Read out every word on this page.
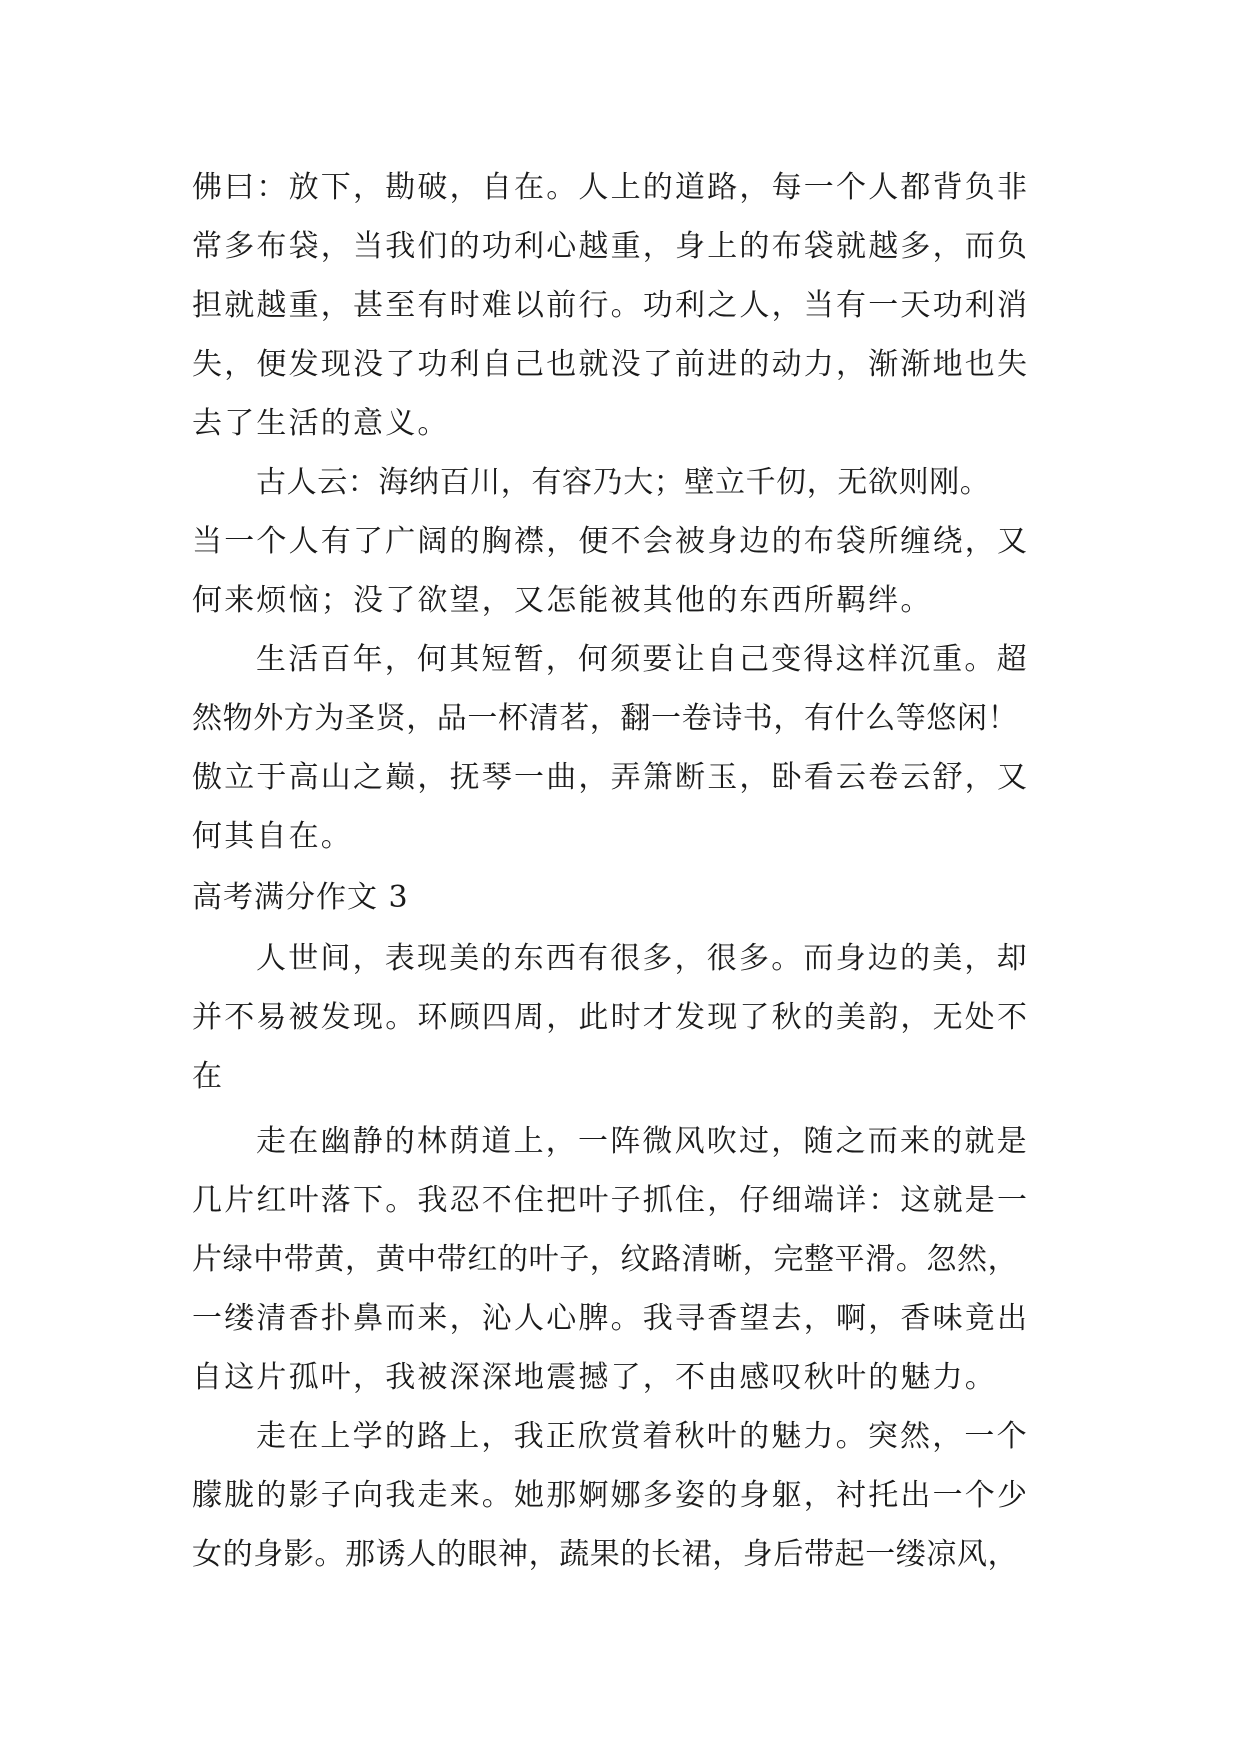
佛曰：放下，勘破，自在。人上的道路，每一个人都背负非
常多布袋，当我们的功利心越重，身上的布袋就越多，而负
担就越重，甚至有时难以前行。功利之人，当有一天功利消
失，便发现没了功利自己也就没了前进的动力，渐渐地也失
去了生活的意义。
古人云：海纳百川，有容乃大；壁立千仞，无欲则刚。
当一个人有了广阔的胸襟，便不会被身边的布袋所缠绕，又
何来烦恼；没了欲望，又怎能被其他的东西所羁绊。
生活百年，何其短暂，何须要让自己变得这样沉重。超
然物外方为圣贤，品一杯清茗，翻一卷诗书，有什么等悠闲！
傲立于高山之巅，抚琴一曲，弄箫断玉，卧看云卷云舒，又
何其自在。
高考满分作文 3
人世间，表现美的东西有很多，很多。而身边的美，却
并不易被发现。环顾四周，此时才发现了秋的美韵，无处不
在
走在幽静的林荫道上，一阵微风吹过，随之而来的就是
几片红叶落下。我忍不住把叶子抓住，仔细端详：这就是一
片绿中带黄，黄中带红的叶子，纹路清晰，完整平滑。忽然，
一缕清香扑鼻而来，沁人心脾。我寻香望去，啊，香味竟出
自这片孤叶，我被深深地震撼了，不由感叹秋叶的魅力。
走在上学的路上，我正欣赏着秋叶的魅力。突然，一个
朦胧的影子向我走来。她那婀娜多姿的身躯，衬托出一个少
女的身影。那诱人的眼神，蔬果的长裙，身后带起一缕凉风，
